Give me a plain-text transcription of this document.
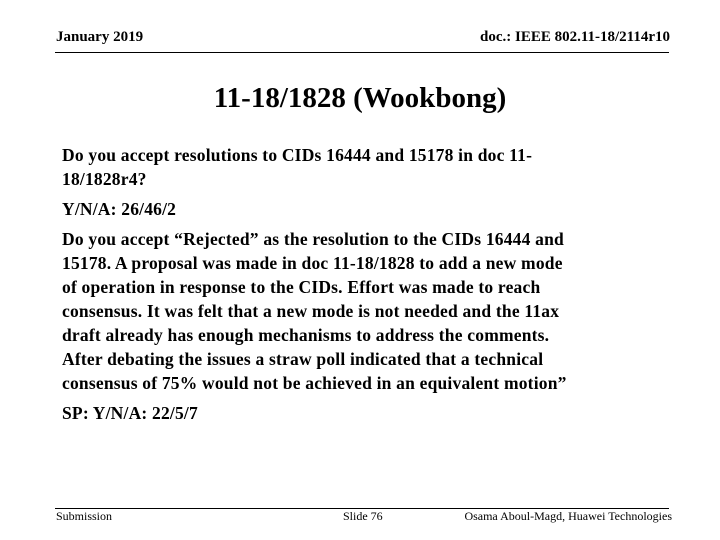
January 2019	doc.: IEEE 802.11-18/2114r10
11-18/1828 (Wookbong)
Do you accept resolutions to CIDs 16444 and 15178 in doc 11-
18/1828r4?
Y/N/A: 26/46/2
Do you accept “Rejected” as the resolution to the CIDs 16444 and
15178. A proposal was made in doc 11-18/1828 to add a new mode
of operation in response to the CIDs. Effort was made to reach
consensus. It was felt that a new mode is not needed and the 11ax
draft already has enough mechanisms to address the comments.
After debating the issues a straw poll indicated that a technical
consensus of 75% would not be achieved in an equivalent motion”
SP: Y/N/A: 22/5/7
Submission	Slide 76	Osama Aboul-Magd, Huawei Technologies
